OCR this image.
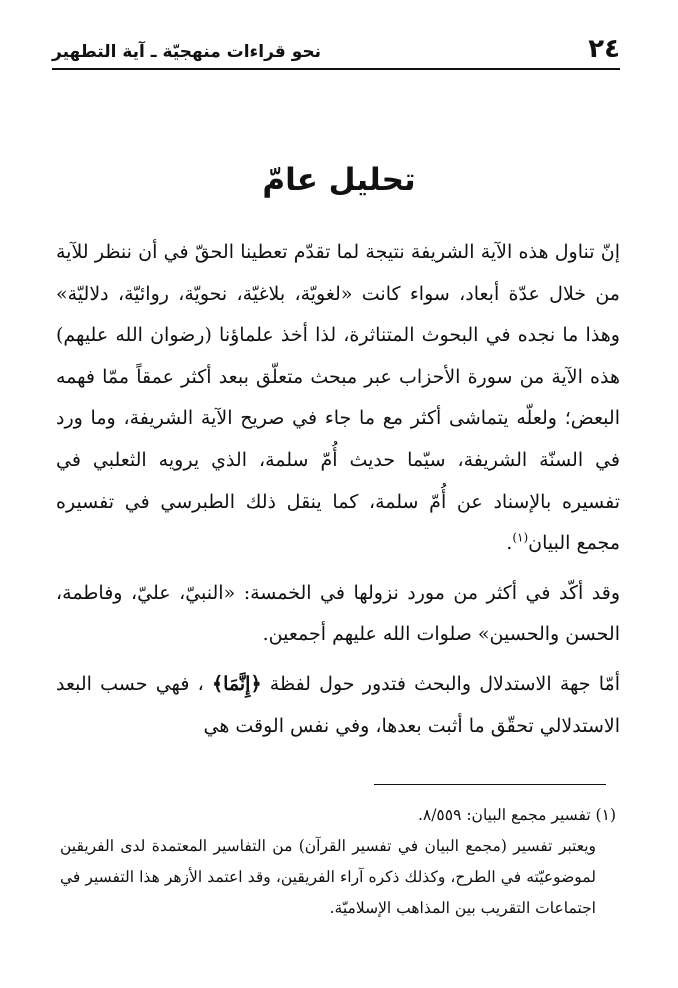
٢٤
نحو قراءات منهجيّة ـ آية التطهير
تحليل عامّ

إنّ تناول هذه الآية الشريفة نتيجة لما تقدّم تعطينا الحقّ في أن ننظر للآية من خلال عدّة أبعاد، سواء كانت «لغويّة، بلاغيّة، نحويّة، روائيّة، دلاليّة» وهذا ما نجده في البحوث المتناثرة، لذا أخذ علماؤنا (رضوان الله عليهم) هذه الآية من سورة الأحزاب عبر مبحث متعلّق ببعد أكثر عمقاً ممّا فهمه البعض؛ ولعلّه يتماشى أكثر مع ما جاء في صريح الآية الشريفة، وما ورد في السنّة الشريفة، سيّما حديث أُمّ سلمة، الذي يرويه الثعلبي في تفسيره بالإسناد عن أُمّ سلمة، كما ينقل ذلك الطبرسي في تفسيره مجمع البيان$^{(١)}$.

وقد أكّد في أكثر من مورد نزولها في الخمسة: «النبيّ، عليّ، وفاطمة، الحسن والحسين» صلوات الله عليهم أجمعين.

أمّا جهة الاستدلال والبحث فتدور حول لفظة ﴿إِنَّمَا﴾ ، فهي حسب البعد الاستدلالي تحقّق ما أثبت بعدها، وفي نفس الوقت هي

(١) تفسير مجمع البيان: ٨/٥٥٩.

ويعتبر تفسير (مجمع البيان في تفسير القرآن) من التفاسير المعتمدة لدى الفريقين لموضوعيّته في الطرح، وكذلك ذكره آراء الفريقين، وقد اعتمد الأزهر هذا التفسير في اجتماعات التقريب بين المذاهب الإسلاميّة.
